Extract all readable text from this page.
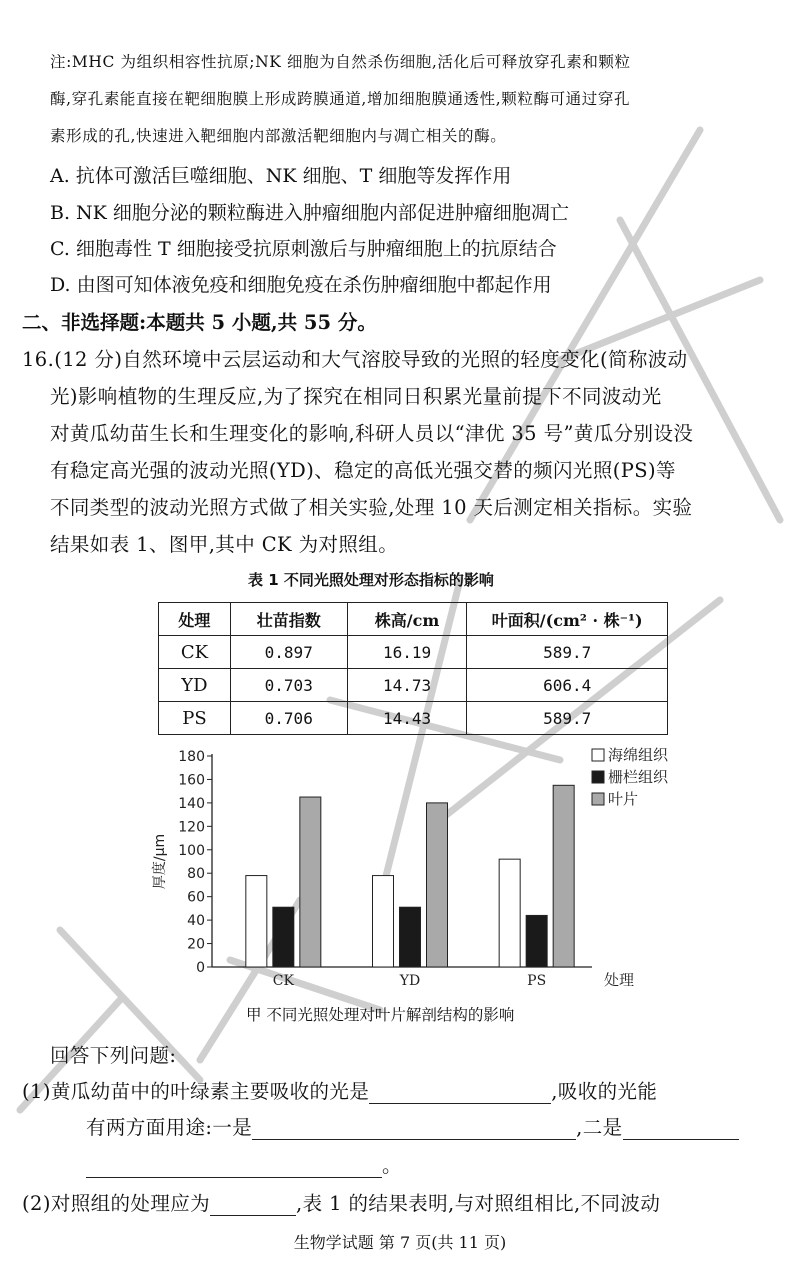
注:MHC 为组织相容性抗原;NK 细胞为自然杀伤细胞,活化后可释放穿孔素和颗粒
酶,穿孔素能直接在靶细胞膜上形成跨膜通道,增加细胞膜通透性,颗粒酶可通过穿孔
素形成的孔,快速进入靶细胞内部激活靶细胞内与凋亡相关的酶。
A. 抗体可激活巨噬细胞、NK 细胞、T 细胞等发挥作用
B. NK 细胞分泌的颗粒酶进入肿瘤细胞内部促进肿瘤细胞凋亡
C. 细胞毒性 T 细胞接受抗原刺激后与肿瘤细胞上的抗原结合
D. 由图可知体液免疫和细胞免疫在杀伤肿瘤细胞中都起作用
二、非选择题:本题共 5 小题,共 55 分。
16.(12 分)自然环境中云层运动和大气溶胶导致的光照的轻度变化(简称波动
光)影响植物的生理反应,为了探究在相同日积累光量前提下不同波动光
对黄瓜幼苗生长和生理变化的影响,科研人员以“津优 35 号”黄瓜分别设没
有稳定高光强的波动光照(YD)、稳定的高低光强交替的频闪光照(PS)等
不同类型的波动光照方式做了相关实验,处理 10 天后测定相关指标。实验
结果如表 1、图甲,其中 CK 为对照组。
表 1 不同光照处理对形态指标的影响
处理	壮苗指数	株高/cm	叶面积/(cm² · 株⁻¹)
CK	0.897	16.19	589.7
YD	0.703	14.73	606.4
PS	0.706	14.43	589.7
0
20
40
60
80
100
120
140
160
180
厚度/μm
CK	YD	PS	处理
海绵组织
栅栏组织
叶片
甲 不同光照处理对叶片解剖结构的影响
回答下列问题:
(1)黄瓜幼苗中的叶绿素主要吸收的光是	,吸收的光能
有两方面用途:一是	,二是
。
(2)对照组的处理应为	,表 1 的结果表明,与对照组相比,不同波动
生物学试题 第 7 页(共 11 页)
